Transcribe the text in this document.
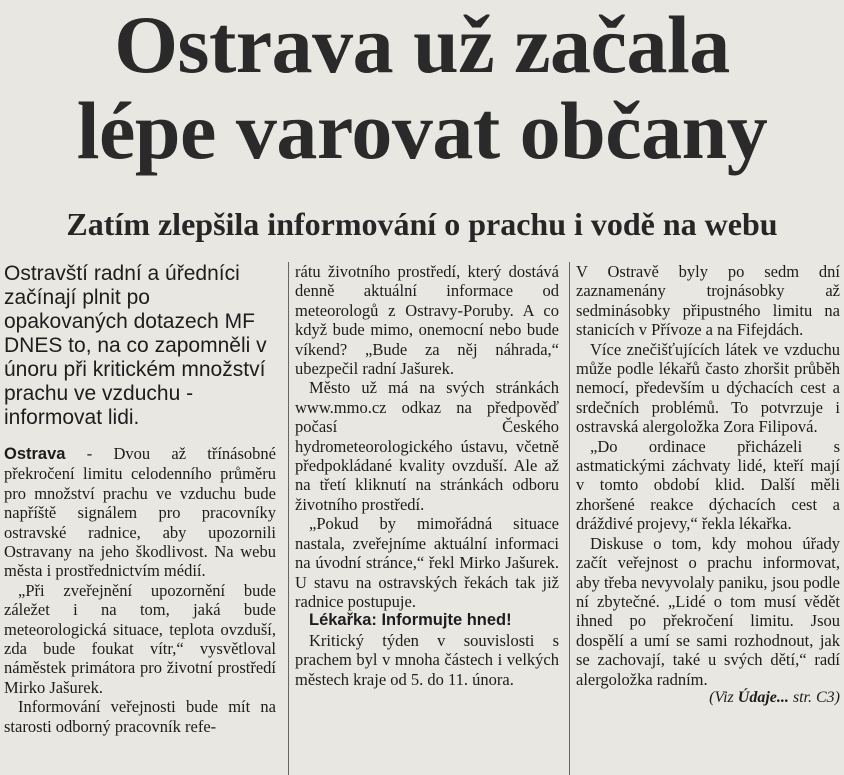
Ostrava už začala
lépe varovat občany
Zatím zlepšila informování o prachu i vodě na webu
Ostravští radní a úředníci začínají plnit po opakovaných dotazech MF DNES to, na co zapomněli v únoru při kritickém množství prachu ve vzduchu - informovat lidi.

Ostrava - Dvou až třínásobné překročení limitu celodenního průměru pro množství prachu ve vzduchu bude napříště signálem pro pracovníky ostravské radnice, aby upozornili Ostravany na jeho škodlivost. Na webu města i prostřednictvím médií.

„Při zveřejnění upozornění bude záležet i na tom, jaká bude meteorologická situace, teplota ovzduší, zda bude foukat vítr,“ vysvětloval náměstek primátora pro životní prostředí Mirko Jašurek.

Informování veřejnosti bude mít na starosti odborný pracovník refe-

rátu životního prostředí, který dostává denně aktuální informace od meteorologů z Ostravy-Poruby. A co když bude mimo, onemocní nebo bude víkend? „Bude za něj náhrada,“ ubezpečil radní Jašurek.

Město už má na svých stránkách www.mmo.cz odkaz na předpověď počasí Českého hydrometeorologického ústavu, včetně předpokládané kvality ovzduší. Ale až na třetí kliknutí na stránkách odboru životního prostředí.

„Pokud by mimořádná situace nastala, zveřejníme aktuální informaci na úvodní stránce,“ řekl Mirko Jašurek. U stavu na ostravských řekách tak již radnice postupuje.

Lékařka: Informujte hned!

Kritický týden v souvislosti s prachem byl v mnoha částech i velkých městech kraje od 5. do 11. února.

V Ostravě byly po sedm dní zaznamenány trojnásobky až sedminásobky připustného limitu na stanicích v Přívoze a na Fifejdách.

Více znečišťujících látek ve vzduchu může podle lékařů často zhoršit průběh nemocí, především u dýchacích cest a srdečních problémů. To potvrzuje i ostravská alergoložka Zora Filipová.

„Do ordinace přicházeli s astmatickými záchvaty lidé, kteří mají v tomto období klid. Další měli zhoršené reakce dýchacích cest a dráždivé projevy,“ řekla lékařka.

Diskuse o tom, kdy mohou úřady začít veřejnost o prachu informovat, aby třeba nevyvolaly paniku, jsou podle ní zbytečné. „Lidé o tom musí vědět ihned po překročení limitu. Jsou dospělí a umí se sami rozhodnout, jak se zachovají, také u svých dětí,“ radí alergoložka radním.

(Viz Údaje... str. C3)
